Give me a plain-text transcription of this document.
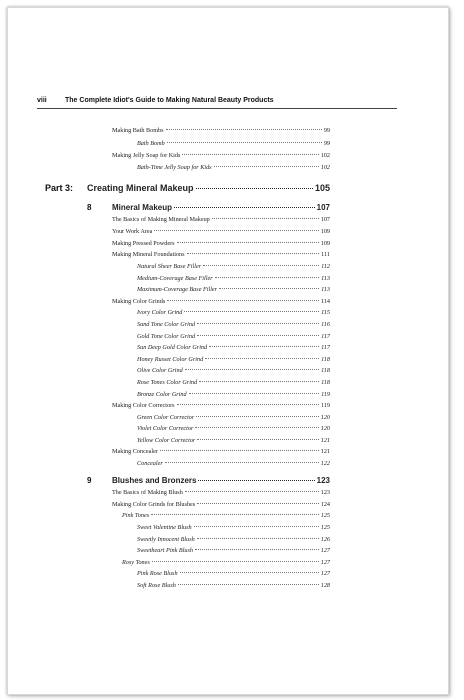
viii	The Complete Idiot's Guide to Making Natural Beauty Products
Making Bath Bombs	99
Bath Bomb	99
Making Jelly Soap for Kids	102
Bath-Time Jelly Soap for Kids	102
Part 3: Creating Mineral Makeup	105
8	Mineral Makeup	107
The Basics of Making Mineral Makeup	107
Your Work Area	109
Making Pressed Powders	109
Making Mineral Foundations	111
Natural Sheer Base Filler	112
Medium-Coverage Base Filler	113
Maximum-Coverage Base Filler	113
Making Color Grinds	114
Ivory Color Grind	115
Sand Tone Color Grind	116
Gold Tone Color Grind	117
Sun Deep Gold Color Grind	117
Honey Russet Color Grind	118
Olive Color Grind	118
Rose Tones Color Grind	118
Bronze Color Grind	119
Making Color Correctors	119
Green Color Corrector	120
Violet Color Corrector	120
Yellow Color Corrector	121
Making Concealer	121
Concealer	122
9	Blushes and Bronzers	123
The Basics of Making Blush	123
Making Color Grinds for Blushes	124
Pink Tones	125
Sweet Valentine Blush	125
Sweetly Innocent Blush	126
Sweetheart Pink Blush	127
Rosy Tones	127
Pink Rose Blush	127
Soft Rose Blush	128
